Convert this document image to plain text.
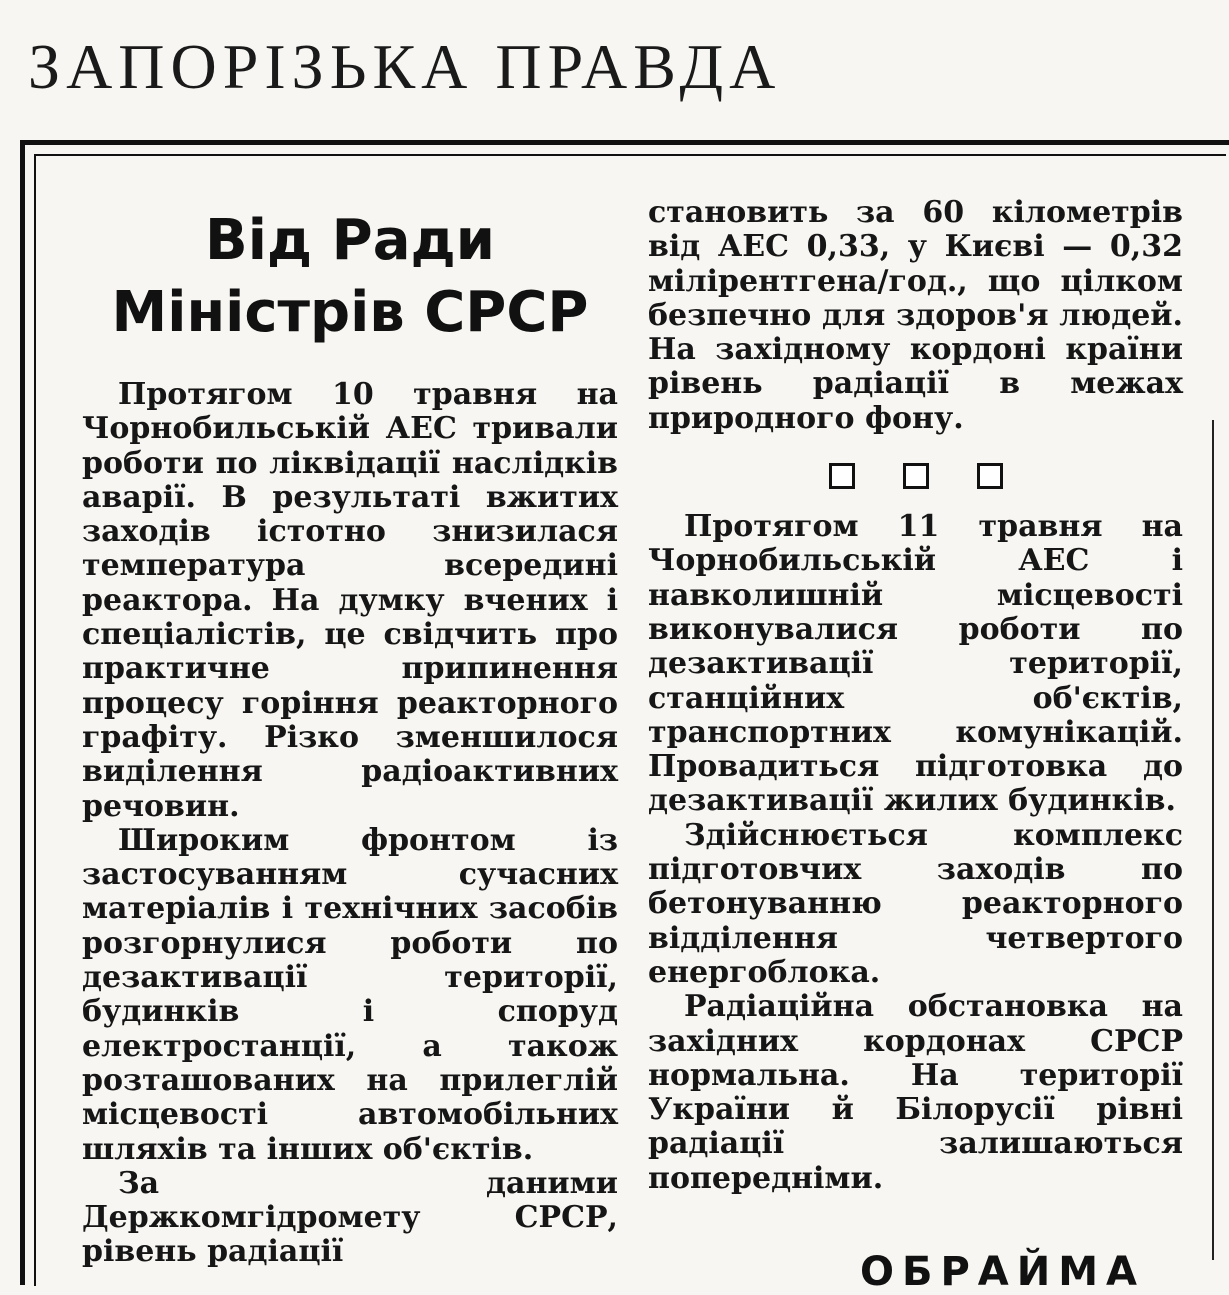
ЗАПОРІЗЬКА ПРАВДА
Від Ради
Міністрів СРСР

Протягом 10 травня на Чорнобильській АЕС тривали роботи по ліквідації наслідків аварії. В результаті вжитих заходів істотно знизилася температура всередині реактора. На думку вчених і спеціалістів, це свідчить про практичне припинення процесу горіння реакторного графіту. Різко зменшилося виділення радіоактивних речовин.

Широким фронтом із застосуванням сучасних матеріалів і технічних засобів розгорнулися роботи по дезактивації території, будинків і споруд електростанції, а також розташованих на прилеглій місцевості автомобільних шляхів та інших об'єктів.

За даними Держкомгідромету СРСР, рівень радіації

становить за 60 кілометрів від АЕС 0,33, у Києві — 0,32 мілірентгена/год., що цілком безпечно для здоров'я людей. На західному кордоні країни рівень радіації в межах природного фону.

Протягом 11 травня на Чорнобильській АЕС і навколишній місцевості виконувалися роботи по дезактивації території, станційних об'єктів, транспортних комунікацій. Провадиться підготовка до дезактивації жилих будинків.

Здійснюється комплекс підготовчих заходів по бетонуванню реакторного відділення четвертого енергоблока.

Радіаційна обстановка на західних кордонах СРСР нормальна. На території України й Білорусії рівні радіації залишаються попередніми.

ОБРАЙМА
